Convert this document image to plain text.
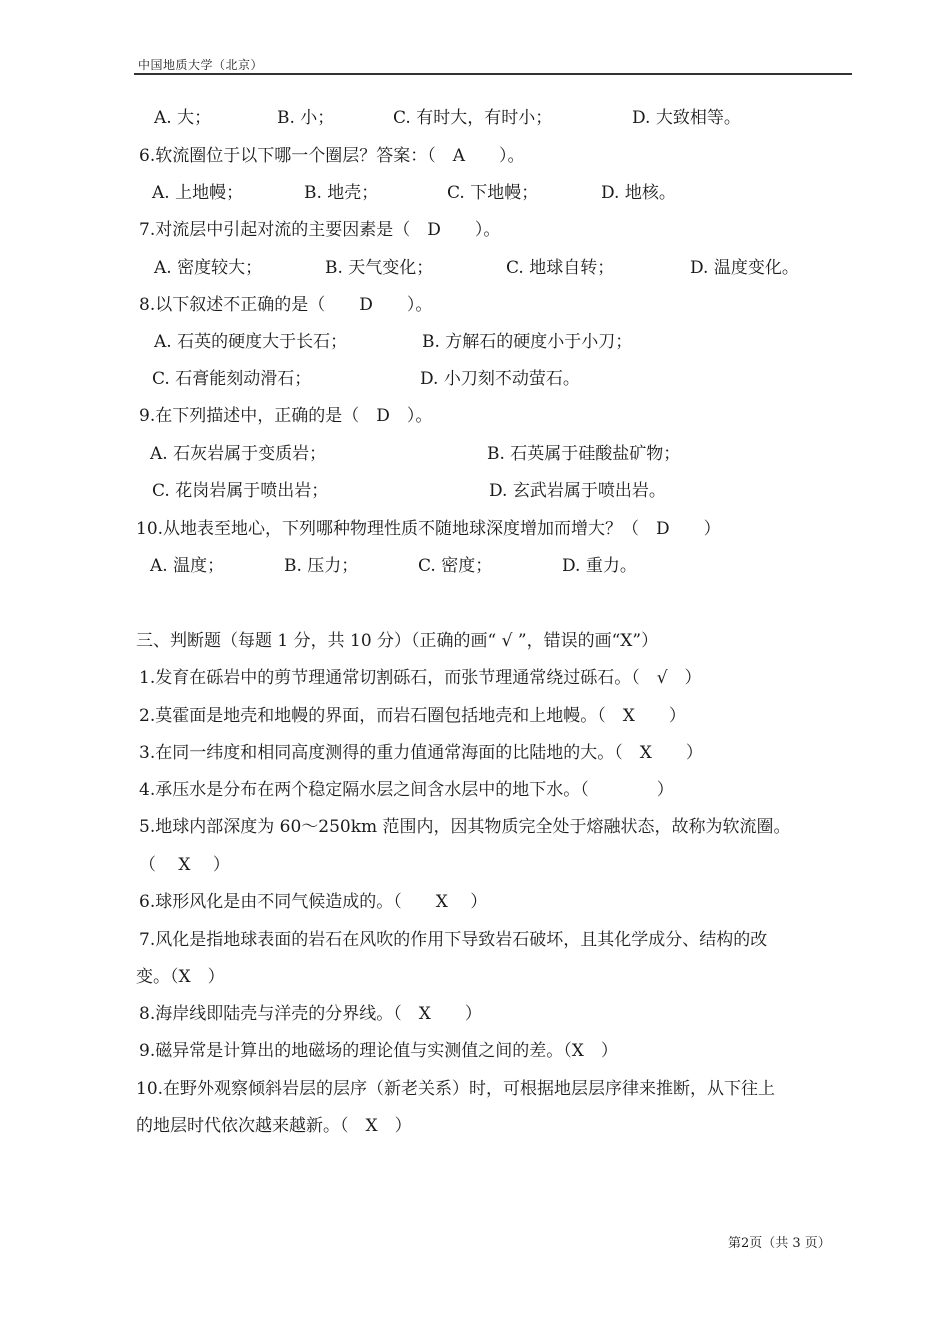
中国地质大学（北京）
A. 大；	B. 小；	C. 有时大，有时小；	D. 大致相等。
6.软流圈位于以下哪一个圈层？答案：（　A　　）。
A. 上地幔；	B. 地壳；	C. 下地幔；	D. 地核。
7.对流层中引起对流的主要因素是（　D　　）。
A. 密度较大；	B. 天气变化；	C. 地球自转；	D. 温度变化。
8.以下叙述不正确的是（　　D　　）。
A. 石英的硬度大于长石；	B. 方解石的硬度小于小刀；
C. 石膏能刻动滑石；	D. 小刀刻不动萤石。
9.在下列描述中，正确的是（　D　）。
A. 石灰岩属于变质岩；	B. 石英属于硅酸盐矿物；
C. 花岗岩属于喷出岩；	D. 玄武岩属于喷出岩。
10.从地表至地心，下列哪种物理性质不随地球深度增加而增大？（　D　　）
A. 温度；	B. 压力；	C. 密度；	D. 重力。
三、判断题（每题 1 分，共 10 分）（正确的画“ √ ”，错误的画“X”）
1.发育在砾岩中的剪节理通常切割砾石，而张节理通常绕过砾石。（　√　）
2.莫霍面是地壳和地幔的界面，而岩石圈包括地壳和上地幔。（　X　　）
3.在同一纬度和相同高度测得的重力值通常海面的比陆地的大。（　X　　）
4.承压水是分布在两个稳定隔水层之间含水层中的地下水。（　　　　）
5.地球内部深度为 60～250km 范围内，因其物质完全处于熔融状态，故称为软流圈。
（　 X　 ）
6.球形风化是由不同气候造成的。（　　X　 ）
7.风化是指地球表面的岩石在风吹的作用下导致岩石破坏，且其化学成分、结构的改
变。（X　）
8.海岸线即陆壳与洋壳的分界线。（　X　　）
9.磁异常是计算出的地磁场的理论值与实测值之间的差。（X　）
10.在野外观察倾斜岩层的层序（新老关系）时，可根据地层层序律来推断，从下往上
的地层时代依次越来越新。（　X　）
第2页（共 3 页）
